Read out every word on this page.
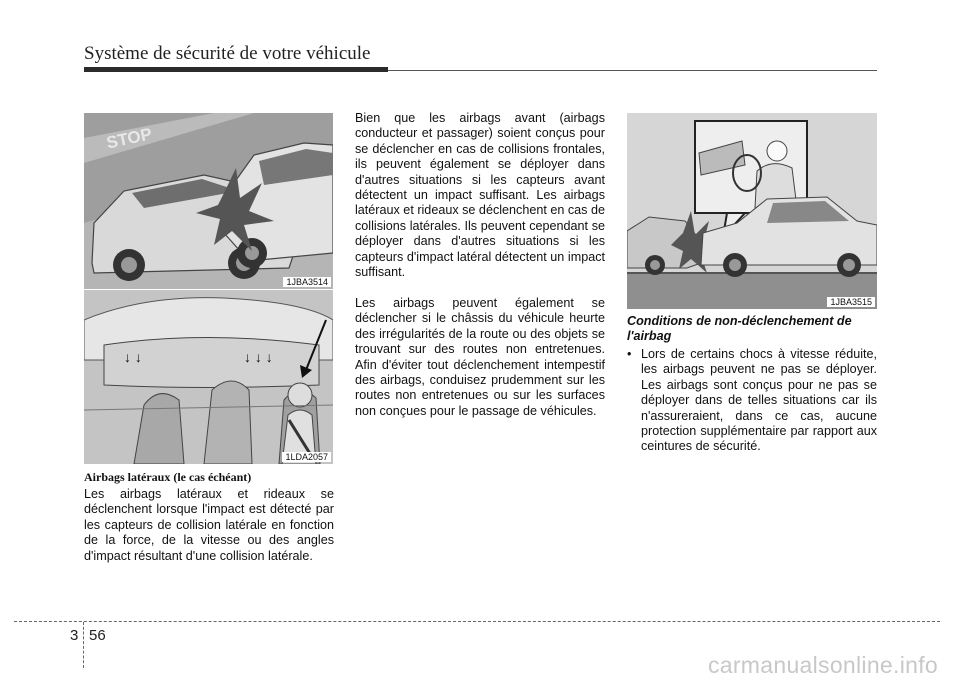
Système de sécurité de votre véhicule
STOP
1JBA3514
↓ ↓	↓ ↓ ↓
1LDA2057
Airbags latéraux (le cas échéant)

Les airbags latéraux et rideaux se déclenchent lorsque l'impact est détecté par les capteurs de collision latérale en fonction de la force, de la vitesse ou des angles d'impact résultant d'une collision latérale.

Bien que les airbags avant (airbags conducteur et passager) soient conçus pour se déclencher en cas de collisions frontales, ils peuvent également se déployer dans d'autres situations si les capteurs avant détectent un impact suffisant. Les airbags latéraux et rideaux se déclenchent en cas de collisions latérales. Ils peuvent cependant se déployer dans d'autres situations si les capteurs d'impact latéral détectent un impact suffisant.

Les airbags peuvent également se déclencher si le châssis du véhicule heurte des irrégularités de la route ou des objets se trouvant sur des routes non entretenues. Afin d'éviter tout déclenchement intempestif des airbags, conduisez prudemment sur les routes non entretenues ou sur les surfaces non conçues pour le passage de véhicules.

1JBA3515
Conditions de non-déclenchement de l'airbag
• Lors de certains chocs à vitesse réduite, les airbags peuvent ne pas se déployer. Les airbags sont conçus pour ne pas se déployer dans de telles situations car ils n'assureraient, dans ce cas, aucune protection supplémentaire par rapport aux ceintures de sécurité.
3 56
carmanualsonline.info
